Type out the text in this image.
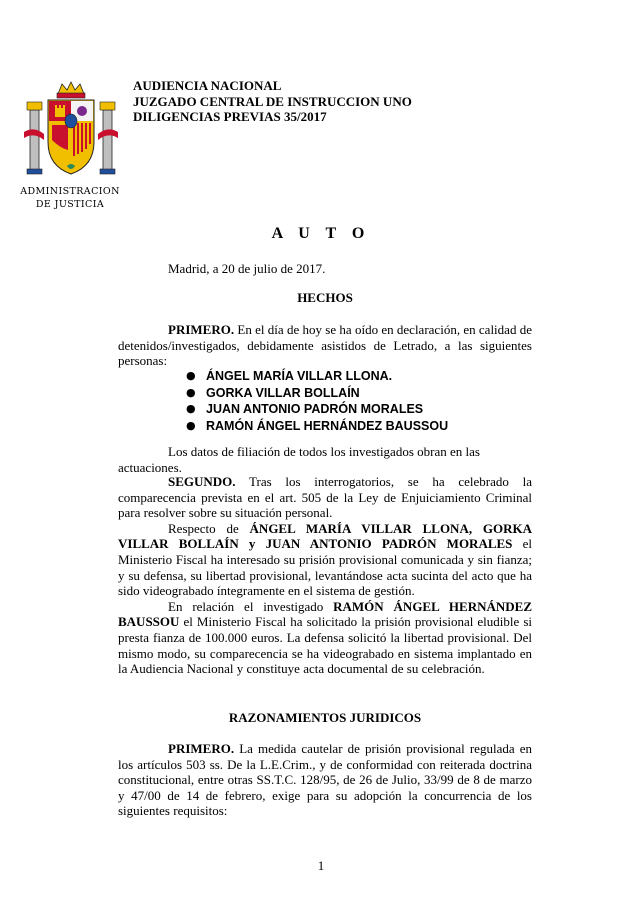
ADMINISTRACION
DE JUSTICIA
AUDIENCIA NACIONAL
JUZGADO CENTRAL DE INSTRUCCION UNO
DILIGENCIAS PREVIAS 35/2017
A U T O

Madrid, a 20 de julio de 2017.

HECHOS

PRIMERO. En el día de hoy se ha oído en declaración, en calidad de detenidos/investigados, debidamente asistidos de Letrado, a las siguientes personas:

● ÁNGEL MARÍA VILLAR LLONA.
● GORKA VILLAR BOLLAÍN
● JUAN ANTONIO PADRÓN MORALES
● RAMÓN ÁNGEL HERNÁNDEZ BAUSSOU

Los datos de filiación de todos los investigados obran en las actuaciones.

SEGUNDO. Tras los interrogatorios, se ha celebrado la comparecencia prevista en el art. 505 de la Ley de Enjuiciamiento Criminal para resolver sobre su situación personal.

Respecto de ÁNGEL MARÍA VILLAR LLONA, GORKA VILLAR BOLLAÍN y JUAN ANTONIO PADRÓN MORALES el Ministerio Fiscal ha interesado su prisión provisional comunicada y sin fianza; y su defensa, su libertad provisional, levantándose acta sucinta del acto que ha sido videograbado íntegramente en el sistema de gestión.

En relación el investigado RAMÓN ÁNGEL HERNÁNDEZ BAUSSOU el Ministerio Fiscal ha solicitado la prisión provisional eludible si presta fianza de 100.000 euros. La defensa solicitó la libertad provisional. Del mismo modo, su comparecencia se ha videograbado en sistema implantado en la Audiencia Nacional y constituye acta documental de su celebración.

RAZONAMIENTOS JURIDICOS

PRIMERO. La medida cautelar de prisión provisional regulada en los artículos 503 ss. De la L.E.Crim., y de conformidad con reiterada doctrina constitucional, entre otras SS.T.C. 128/95, de 26 de Julio, 33/99 de 8 de marzo y 47/00 de 14 de febrero, exige para su adopción la concurrencia de los siguientes requisitos:

1
